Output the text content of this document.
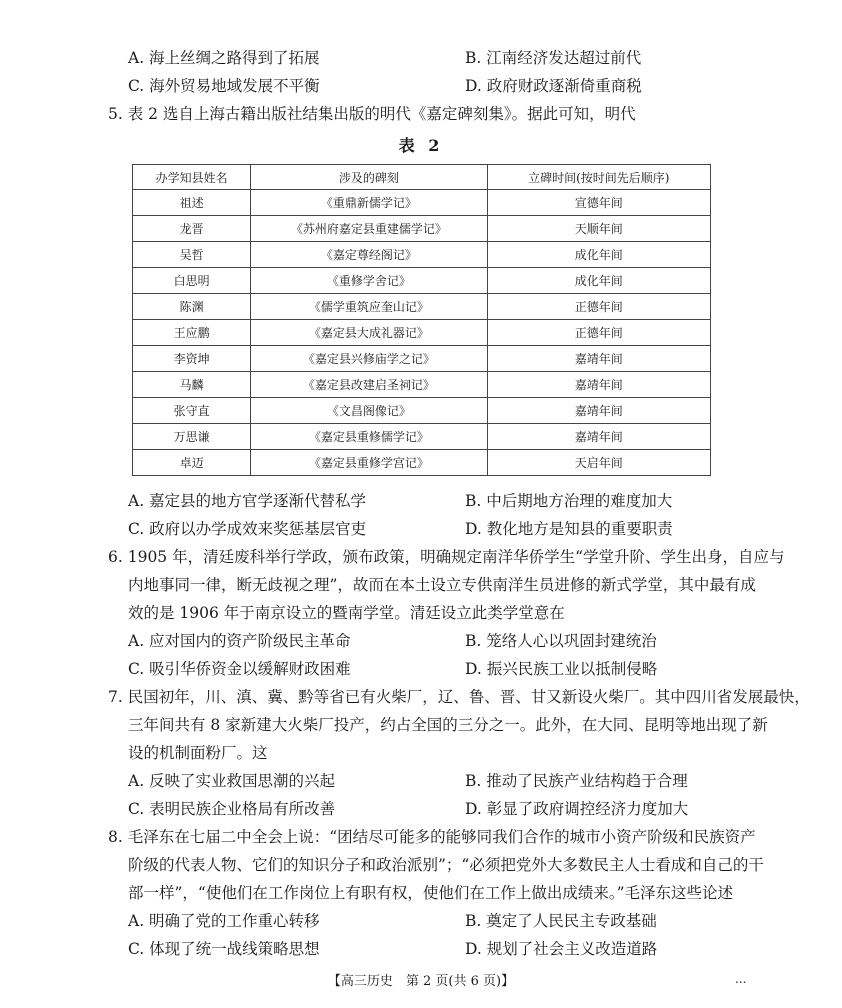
A. 海上丝绸之路得到了拓展	B. 江南经济发达超过前代
C. 海外贸易地域发展不平衡	D. 政府财政逐渐倚重商税
5. 表 2 选自上海古籍出版社结集出版的明代《嘉定碑刻集》。据此可知，明代
表 2
办学知县姓名	涉及的碑刻	立碑时间(按时间先后顺序)
祖述	《重鼎新儒学记》	宣德年间
龙晋	《苏州府嘉定县重建儒学记》	天顺年间
吴哲	《嘉定尊经阁记》	成化年间
白思明	《重修学舍记》	成化年间
陈渊	《儒学重筑应奎山记》	正德年间
王应鹏	《嘉定县大成礼器记》	正德年间
李资坤	《嘉定县兴修庙学之记》	嘉靖年间
马麟	《嘉定县改建启圣祠记》	嘉靖年间
张守直	《文昌阁像记》	嘉靖年间
万思谦	《嘉定县重修儒学记》	嘉靖年间
卓迈	《嘉定县重修学宫记》	天启年间
A. 嘉定县的地方官学逐渐代替私学	B. 中后期地方治理的难度加大
C. 政府以办学成效来奖惩基层官吏	D. 教化地方是知县的重要职责
6. 1905 年，清廷废科举行学政，颁布政策，明确规定南洋华侨学生“学堂升阶、学生出身，自应与
内地事同一律，断无歧视之理”，故而在本土设立专供南洋生员进修的新式学堂，其中最有成
效的是 1906 年于南京设立的暨南学堂。清廷设立此类学堂意在
A. 应对国内的资产阶级民主革命	B. 笼络人心以巩固封建统治
C. 吸引华侨资金以缓解财政困难	D. 振兴民族工业以抵制侵略
7. 民国初年，川、滇、冀、黔等省已有火柴厂，辽、鲁、晋、甘又新设火柴厂。其中四川省发展最快，
三年间共有 8 家新建大火柴厂投产，约占全国的三分之一。此外，在大同、昆明等地出现了新
设的机制面粉厂。这
A. 反映了实业救国思潮的兴起	B. 推动了民族产业结构趋于合理
C. 表明民族企业格局有所改善	D. 彰显了政府调控经济力度加大
8. 毛泽东在七届二中全会上说：“团结尽可能多的能够同我们合作的城市小资产阶级和民族资产
阶级的代表人物、它们的知识分子和政治派别”；“必须把党外大多数民主人士看成和自己的干
部一样”，“使他们在工作岗位上有职有权，使他们在工作上做出成绩来。”毛泽东这些论述
A. 明确了党的工作重心转移	B. 奠定了人民民主专政基础
C. 体现了统一战线策略思想	D. 规划了社会主义改造道路
【高三历史　第 2 页(共 6 页)】	...
